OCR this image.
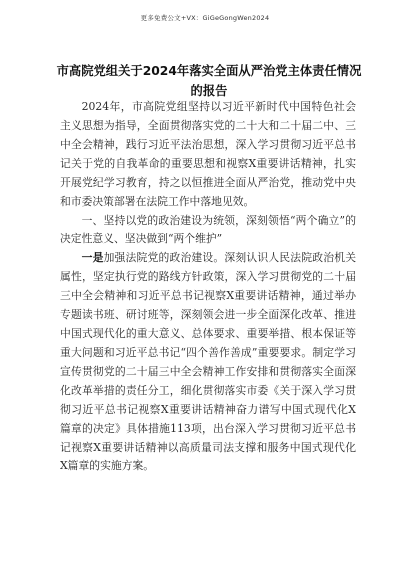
更多免费公文+VX：GiGeGongWen2024
市高院党组关于2024年落实全面从严治党主体责任情况的报告

2024年，市高院党组坚持以习近平新时代中国特色社会主义思想为指导，全面贯彻落实党的二十大和二十届二中、三中全会精神，践行习近平法治思想，深入学习贯彻习近平总书记关于党的自我革命的重要思想和视察X重要讲话精神，扎实开展党纪学习教育，持之以恒推进全面从严治党，推动党中央和市委决策部署在法院工作中落地见效。

一、坚持以党的政治建设为统领，深刻领悟“两个确立”的决定性意义、坚决做到“两个维护”

一是加强法院党的政治建设。深刻认识人民法院政治机关属性，坚定执行党的路线方针政策，深入学习贯彻党的二十届三中全会精神和习近平总书记视察X重要讲话精神，通过举办专题读书班、研讨班等，深刻领会进一步全面深化改革、推进中国式现代化的重大意义、总体要求、重要举措、根本保证等重大问题和习近平总书记“四个善作善成”重要要求。制定学习宣传贯彻党的二十届三中全会精神工作安排和贯彻落实全面深化改革举措的责任分工，细化贯彻落实市委《关于深入学习贯彻习近平总书记视察X重要讲话精神奋力谱写中国式现代化X篇章的决定》具体措施113项，出台深入学习贯彻习近平总书记视察X重要讲话精神以高质量司法支撑和服务中国式现代化X篇章的实施方案。
